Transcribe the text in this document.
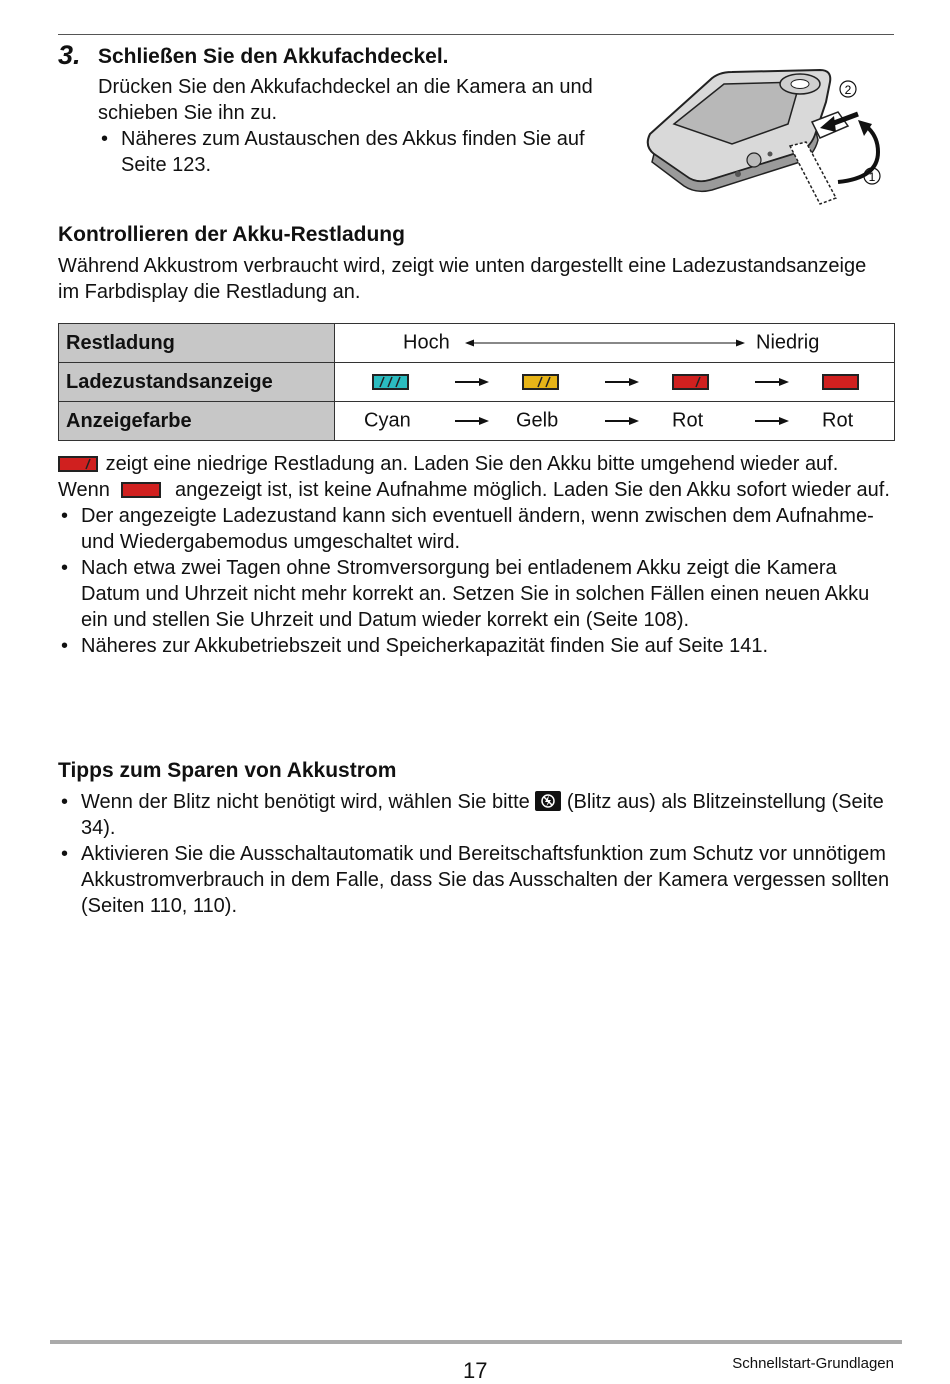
3. Schließen Sie den Akkufachdeckel.
Drücken Sie den Akkufachdeckel an die Kamera an und schieben Sie ihn zu.
• Näheres zum Austauschen des Akkus finden Sie auf Seite 123.
2
1
Kontrollieren der Akku-Restladung
Während Akkustrom verbraucht wird, zeigt wie unten dargestellt eine Ladezustandsanzeige im Farbdisplay die Restladung an.
Restladung	Hoch Niedrig

Ladezustandsanzeige	

Anzeigefarbe	Cyan Gelb Rot Rot

zeigt eine niedrige Restladung an. Laden Sie den Akku bitte umgehend wieder auf.

Wenn	angezeigt ist, ist keine Aufnahme möglich. Laden Sie den Akku sofort wieder auf.

• Der angezeigte Ladezustand kann sich eventuell ändern, wenn zwischen dem Aufnahme- und Wiedergabemodus umgeschaltet wird.
• Nach etwa zwei Tagen ohne Stromversorgung bei entladenem Akku zeigt die Kamera Datum und Uhrzeit nicht mehr korrekt an. Setzen Sie in solchen Fällen einen neuen Akku ein und stellen Sie Uhrzeit und Datum wieder korrekt ein (Seite 108).
• Näheres zur Akkubetriebszeit und Speicherkapazität finden Sie auf Seite 141.
Tipps zum Sparen von Akkustrom
• Wenn der Blitz nicht benötigt wird, wählen Sie bitte (Blitz aus) als Blitzeinstellung (Seite 34).
• Aktivieren Sie die Ausschaltautomatik und Bereitschaftsfunktion zum Schutz vor unnötigem Akkustromverbrauch in dem Falle, dass Sie das Ausschalten der Kamera vergessen sollten (Seiten 110, 110).
17	Schnellstart-Grundlagen
